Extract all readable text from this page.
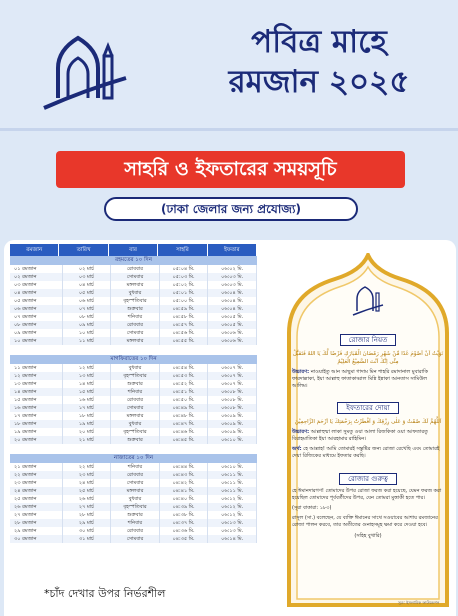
পবিত্র মাহে
রমজান ২০২৫
সাহরি ও ইফতারের সময়সূচি
(ঢাকা জেলার জন্য প্রযোজ্য)
রমজান	তারিখ	বার	সাহরি	ইফতার
রহমতের ১০ দিন
০১ রমজান	০২ মার্চ	রোববার	০৫:০৪ মি.	০৬:০২ মি.
০২ রমজান	০৩ মার্চ	সোমবার	০৫:০৩ মি.	০৬:০৩ মি.
০৩ রমজান	০৪ মার্চ	মঙ্গলবার	০৫:০২ মি.	০৬:০৩ মি.
০৪ রমজান	০৫ মার্চ	বুধবার	০৫:০১ মি.	০৬:০৪ মি.
০৫ রমজান	০৬ মার্চ	বৃহস্পতিবার	০৫:০০ মি.	০৬:০৪ মি.
০৬ রমজান	০৭ মার্চ	শুক্রবার	০৪:৫৯ মি.	০৬:০৪ মি.
০৭ রমজান	০৮ মার্চ	শনিবার	০৪:৫৮ মি.	০৬:০৫ মি.
০৮ রমজান	০৯ মার্চ	রোববার	০৪:৫৭ মি.	০৬:০৫ মি.
০৯ রমজান	১০ মার্চ	সোমবার	০৪:৫৬ মি.	০৬:০৬ মি.
১০ রমজান	১১ মার্চ	মঙ্গলবার	০৪:৫৫ মি.	০৬:০৬ মি.
মাগফিরাতের ১০ দিন
১১ রমজান	১২ মার্চ	বুধবার	০৪:৫৪ মি.	০৬:০৭ মি.
১২ রমজান	১৩ মার্চ	বৃহস্পতিবার	০৪:৫৩ মি.	০৬:০৭ মি.
১৩ রমজান	১৪ মার্চ	শুক্রবার	০৪:৫২ মি.	০৬:০৭ মি.
১৪ রমজান	১৫ মার্চ	শনিবার	০৪:৫১ মি.	০৬:০৮ মি.
১৫ রমজান	১৬ মার্চ	রোববার	০৪:৫০ মি.	০৬:০৮ মি.
১৬ রমজান	১৭ মার্চ	সোমবার	০৪:৪৯ মি.	০৬:০৮ মি.
১৭ রমজান	১৮ মার্চ	মঙ্গলবার	০৪:৪৮ মি.	০৬:০৯ মি.
১৮ রমজান	১৯ মার্চ	বুধবার	০৪:৪৭ মি.	০৬:০৯ মি.
১৯ রমজান	২০ মার্চ	বৃহস্পতিবার	০৪:৪৬ মি.	০৬:০৯ মি.
২০ রমজান	২১ মার্চ	শুক্রবার	০৪:৪৫ মি.	০৬:১০ মি.
নাজাতের ১০ দিন
২১ রমজান	২২ মার্চ	শনিবার	০৪:৪৪ মি.	০৬:১০ মি.
২২ রমজান	২৩ মার্চ	রোববার	০৪:৪৩ মি.	০৬:১১ মি.
২৩ রমজান	২৪ মার্চ	সোমবার	০৪:৪২ মি.	০৬:১১ মি.
২৪ রমজান	২৫ মার্চ	মঙ্গলবার	০৪:৪১ মি.	০৬:১১ মি.
২৫ রমজান	২৬ মার্চ	বুধবার	০৪:৪০ মি.	০৬:১২ মি.
২৬ রমজান	২৭ মার্চ	বৃহস্পতিবার	০৪:৩৯ মি.	০৬:১২ মি.
২৭ রমজান	২৮ মার্চ	শুক্রবার	০৪:৩৮ মি.	০৬:১২ মি.
২৮ রমজান	২৯ মার্চ	শনিবার	০৪:৩৭ মি.	০৬:১৩ মি.
২৯ রমজান	৩০ মার্চ	রোববার	০৪:৩৬ মি.	০৬:১৩ মি.
৩০ রমজান	৩১ মার্চ	সোমবার	০৪:৩৫ মি.	০৬:১৪ মি.
রোজার নিয়ত
نَوَيْتُ اَنْ اَصُوْمَ غَدًا مِّنْ شَهْرِ رَمْضَانَ الْمُبَارَكِ فَرْضًا لَّكَ يَا اللهُ فَتَقَبَّلْ مِنِّى اِنَّكَ اَنْتَ السَّمِيْعُ الْعَلِيْمُ
উচ্চারণ: নাওয়াইতু আন আছুমা গাদাম মিন শাহরি রমাদানাল মুবারাকি ফারদাল্লাকা, ইয়া আল্লাহু ফাতাকাব্বাল মিন্নি ইন্নাকা আনতাস সামিউল আলিম।
ইফতারের দোয়া
اَللَّهُمَّ لَكَ صُمْتُ وَ عَلٰى رِزْقِكَ وَ اَفْطَرْتُ بِرَحْمَتِكَ يَا اَرْحَمَ الرَّاحِمِيْنَ
উচ্চারণ: আল্লাহুম্মা লাকা সুমতু ওয়া আলা রিজকিকা ওয়া আফতারতু বিরাহমাতিকা ইয়া আরহামার রাহিমিন।
অর্থ: হে আল্লাহ! আমি তোমারই সন্তুষ্টির জন্য রোজা রেখেছি এবং তোমারই দেয়া রিজিকের মাধ্যমে ইফতার করছি।
রোজার গুরুত্ব
হে ঈমানদারগণ! তোমাদের উপর রোজা ফরজ করা হয়েছে, যেমন ফরজ করা হয়েছিল তোমাদের পূর্ববর্তীদের উপর, যেন তোমরা মুত্তাকী হতে পার।
(সূরা বাকারা: ১৮৩)
রাসূল (সা.) বলেছেন, যে ব্যক্তি ঈমানের সাথে সওয়াবের আশায় রমজানের রোজা পালন করবে, তার অতীতের গুনাহসমূহ ক্ষমা করে দেওয়া হবে।
(সহিহ বুখারি)
*চাঁদ দেখার উপর নির্ভরশীল
সূত্র: ইসলামিক ফাউন্ডেশন
